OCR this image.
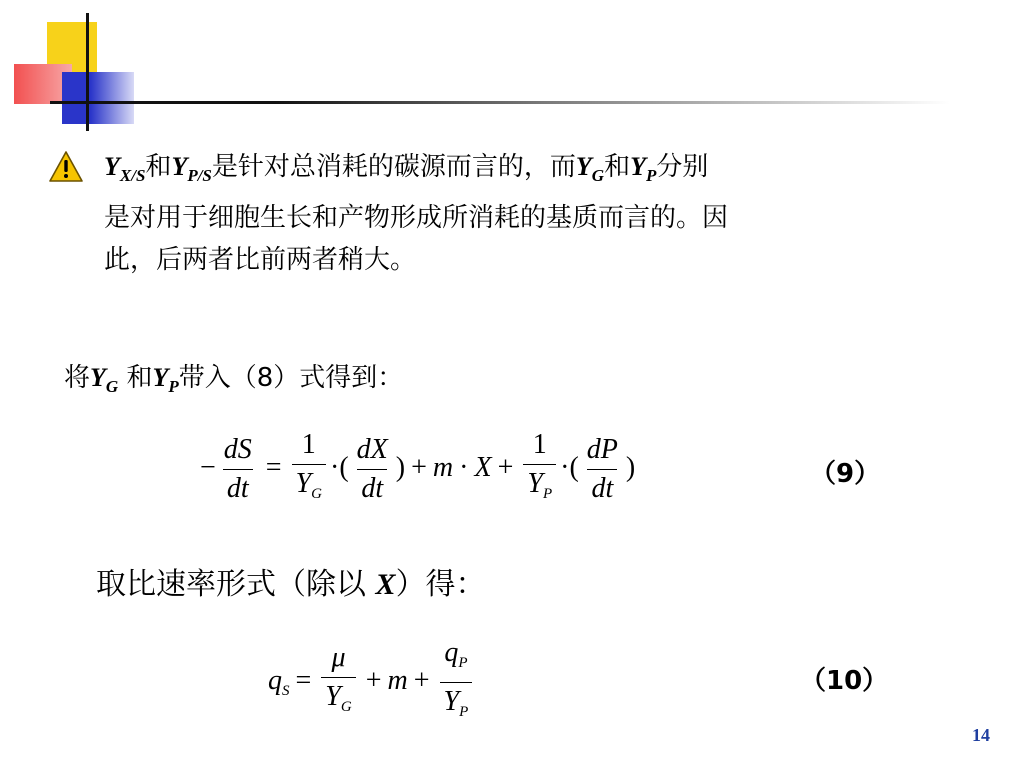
$Y_{X/S}$和$Y_{P/S}$是针对总消耗的碳源而言的，而$Y_G$和$Y_P$分别
是对用于细胞生长和产物形成所消耗的基质而言的。因
此，后两者比前两者稍大。
将$Y_G$ 和$Y_P$带入（8）式得到：
− $\frac{dS}{dt} = \frac{1}{Y_G}$ ·( $\frac{dX}{dt}$ ) + $m \cdot X + \frac{1}{Y_P}$ ·( $\frac{dP}{dt}$ )	（9）
取比速率形式（除以 X）得：
$q_S = \frac{\mu}{Y_G} + m + \frac{q_P}{Y_P}$	（10）
14
